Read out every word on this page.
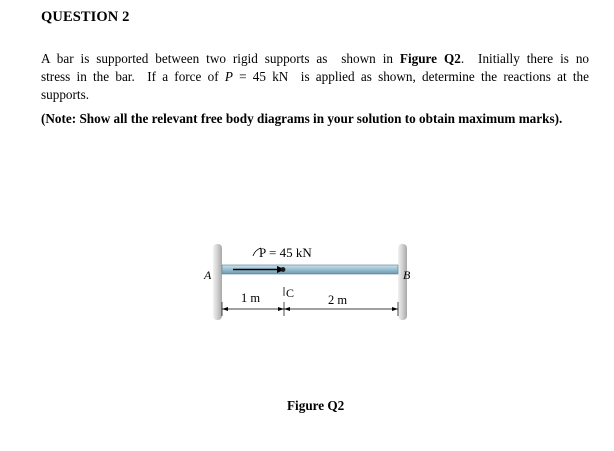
QUESTION 2
A bar is supported between two rigid supports as  shown in Figure Q2.  Initially there is no
stress in the bar.  If a force of P = 45 kN  is applied as shown, determine the reactions at the
supports.
(Note: Show all the relevant free body diagrams in your solution to obtain maximum marks).
P = 45 kN
A	B
C
1 m	2 m
Figure Q2
